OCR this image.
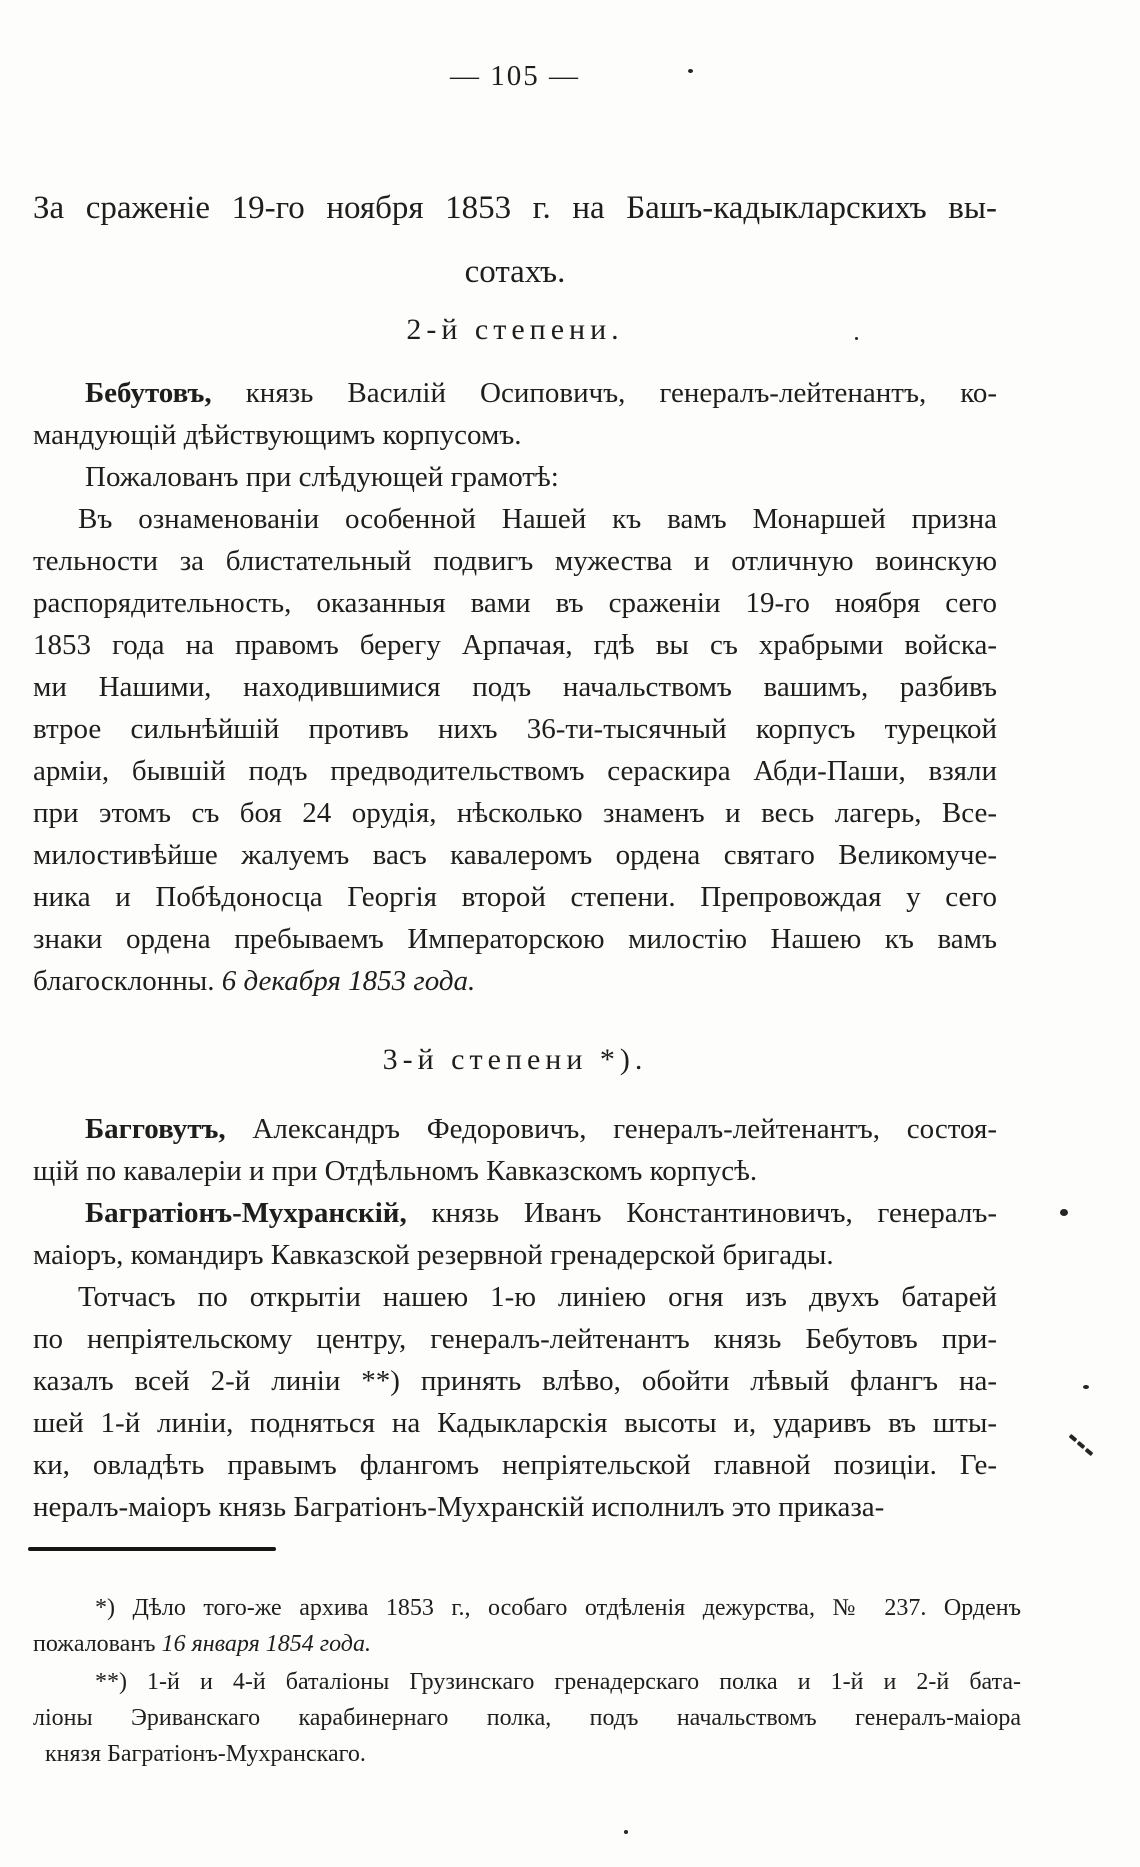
— 105 —
За сраженіе 19-го ноября 1853 г. на Башъ-кадыкларскихъ вы-
сотахъ.
2-й степени.
Бебутовъ, князь Василій Осиповичъ, генералъ-лейтенантъ, ко-
мандующій дѣйствующимъ корпусомъ.
Пожалованъ при слѣдующей грамотѣ:
Въ ознаменованіи особенной Нашей къ вамъ Монаршей призна
тельности за блистательный подвигъ мужества и отличную воинскую
распорядительность, оказанныя вами въ сраженіи 19-го ноября сего
1853 года на правомъ берегу Арпачая, гдѣ вы съ храбрыми войска-
ми Нашими, находившимися подъ начальствомъ вашимъ, разбивъ
втрое сильнѣйшій противъ нихъ 36-ти-тысячный корпусъ турецкой
арміи, бывшій подъ предводительствомъ сераскира Абди-Паши, взяли
при этомъ съ боя 24 орудія, нѣсколько знаменъ и весь лагерь, Все-
милостивѣйше жалуемъ васъ кавалеромъ ордена святаго Великомуче-
ника и Побѣдоносца Георгія второй степени. Препровождая у сего
знаки ордена пребываемъ Императорскою милостію Нашею къ вамъ
благосклонны. 6 декабря 1853 года.
3-й степени *).
Багговутъ, Александръ Федоровичъ, генералъ-лейтенантъ, состоя-
щій по кавалеріи и при Отдѣльномъ Кавказскомъ корпусѣ.
Багратіонъ-Мухранскій, князь Иванъ Константиновичъ, генералъ-
маіоръ, командиръ Кавказской резервной гренадерской бригады.
Тотчасъ по открытіи нашею 1-ю линіею огня изъ двухъ батарей
по непріятельскому центру, генералъ-лейтенантъ князь Бебутовъ при-
казалъ всей 2-й линіи **) принять влѣво, обойти лѣвый флангъ на-
шей 1-й линіи, подняться на Кадыкларскія высоты и, ударивъ въ шты-
ки, овладѣть правымъ флангомъ непріятельской главной позиціи. Ге-
нералъ-маіоръ князь Багратіонъ-Мухранскій исполнилъ это приказа-
*) Дѣло того-же архива 1853 г., особаго отдѣленія дежурства, № 237. Орденъ
пожалованъ 16 января 1854 года.
**) 1-й и 4-й баталіоны Грузинскаго гренадерскаго полка и 1-й и 2-й бата-
ліоны Эриванскаго карабинернаго полка, подъ начальствомъ генералъ-маіора
князя Багратіонъ-Мухранскаго.
